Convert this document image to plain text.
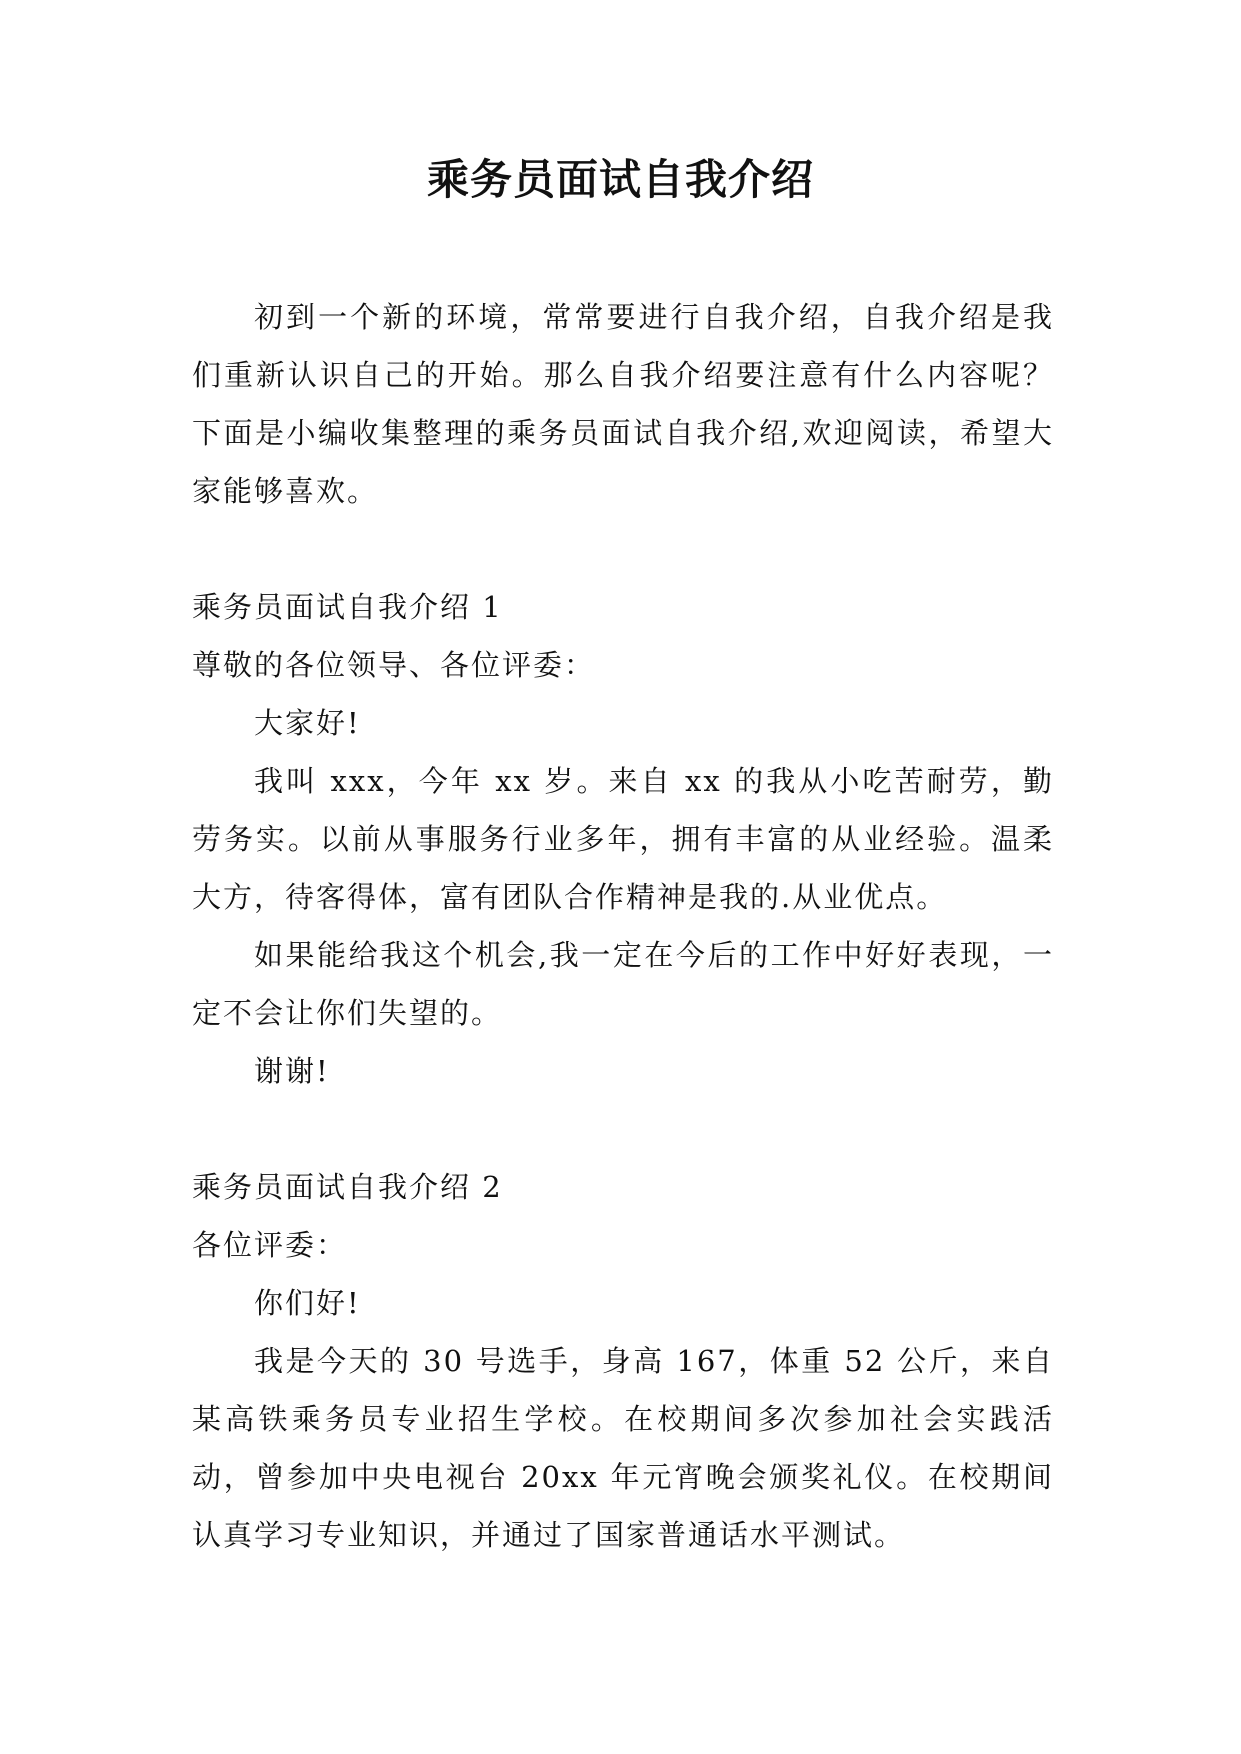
乘务员面试自我介绍

初到一个新的环境，常常要进行自我介绍，自我介绍是我们重新认识自己的开始。那么自我介绍要注意有什么内容呢？下面是小编收集整理的乘务员面试自我介绍,欢迎阅读，希望大家能够喜欢。

乘务员面试自我介绍 1

尊敬的各位领导、各位评委：

大家好!

我叫 xxx，今年 xx 岁。来自 xx 的我从小吃苦耐劳，勤劳务实。以前从事服务行业多年，拥有丰富的从业经验。温柔大方，待客得体，富有团队合作精神是我的.从业优点。

如果能给我这个机会,我一定在今后的工作中好好表现，一定不会让你们失望的。

谢谢!

乘务员面试自我介绍 2

各位评委：

你们好!

我是今天的 30 号选手，身高 167，体重 52 公斤，来自某高铁乘务员专业招生学校。在校期间多次参加社会实践活动，曾参加中央电视台 20xx 年元宵晚会颁奖礼仪。在校期间认真学习专业知识，并通过了国家普通话水平测试。
